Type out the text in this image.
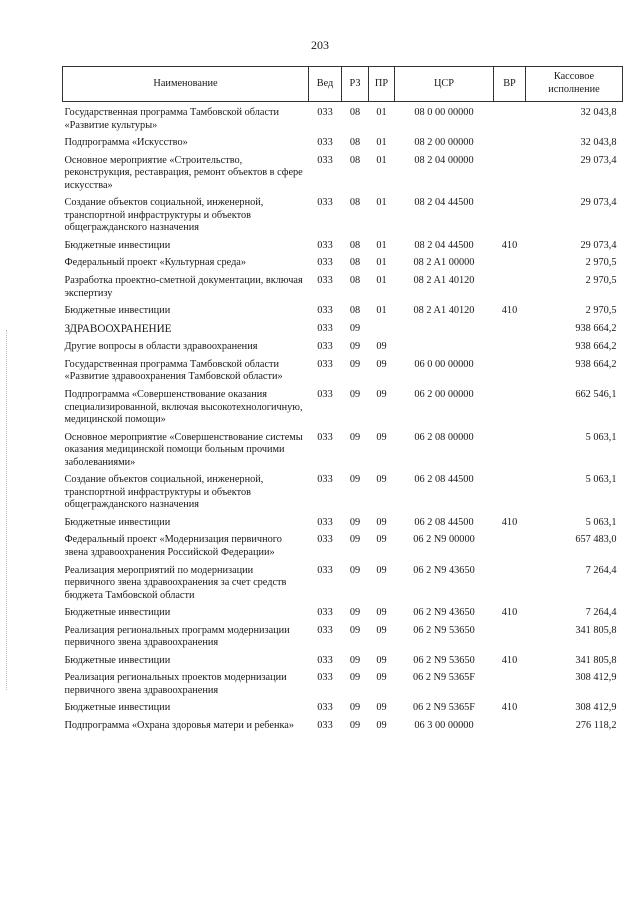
203
Наименование	Вед	РЗ	ПР	ЦСР	ВР	Кассовое исполнение
Государственная программа Тамбовской области «Развитие культуры»	033	08	01	08 0 00 00000		32 043,8
Подпрограмма «Искусство»	033	08	01	08 2 00 00000		32 043,8
Основное мероприятие «Строительство, реконструкция, реставрация, ремонт объектов в сфере искусства»	033	08	01	08 2 04 00000		29 073,4
Создание объектов социальной, инженерной, транспортной инфраструктуры и объектов общегражданского назначения	033	08	01	08 2 04 44500		29 073,4
Бюджетные инвестиции	033	08	01	08 2 04 44500	410	29 073,4
Федеральный проект «Культурная среда»	033	08	01	08 2 A1 00000		2 970,5
Разработка проектно-сметной документации, включая экспертизу	033	08	01	08 2 A1 40120		2 970,5
Бюджетные инвестиции	033	08	01	08 2 A1 40120	410	2 970,5
ЗДРАВООХРАНЕНИЕ	033	09				938 664,2
Другие вопросы в области здравоохранения	033	09	09			938 664,2
Государственная программа Тамбовской области «Развитие здравоохранения Тамбовской области»	033	09	09	06 0 00 00000		938 664,2
Подпрограмма «Совершенствование оказания специализированной, включая высокотехнологичную, медицинской помощи»	033	09	09	06 2 00 00000		662 546,1
Основное мероприятие «Совершенствование системы оказания медицинской помощи больным прочими заболеваниями»	033	09	09	06 2 08 00000		5 063,1
Создание объектов социальной, инженерной, транспортной инфраструктуры и объектов общегражданского назначения	033	09	09	06 2 08 44500		5 063,1
Бюджетные инвестиции	033	09	09	06 2 08 44500	410	5 063,1
Федеральный проект «Модернизация первичного звена здравоохранения Российской Федерации»	033	09	09	06 2 N9 00000		657 483,0
Реализация мероприятий по модернизации первичного звена здравоохранения за счет средств бюджета Тамбовской области	033	09	09	06 2 N9 43650		7 264,4
Бюджетные инвестиции	033	09	09	06 2 N9 43650	410	7 264,4
Реализация региональных программ модернизации первичного звена здравоохранения	033	09	09	06 2 N9 53650		341 805,8
Бюджетные инвестиции	033	09	09	06 2 N9 53650	410	341 805,8
Реализация региональных проектов модернизации первичного звена здравоохранения	033	09	09	06 2 N9 5365F		308 412,9
Бюджетные инвестиции	033	09	09	06 2 N9 5365F	410	308 412,9
Подпрограмма «Охрана здоровья матери и ребенка»	033	09	09	06 3 00 00000		276 118,2
